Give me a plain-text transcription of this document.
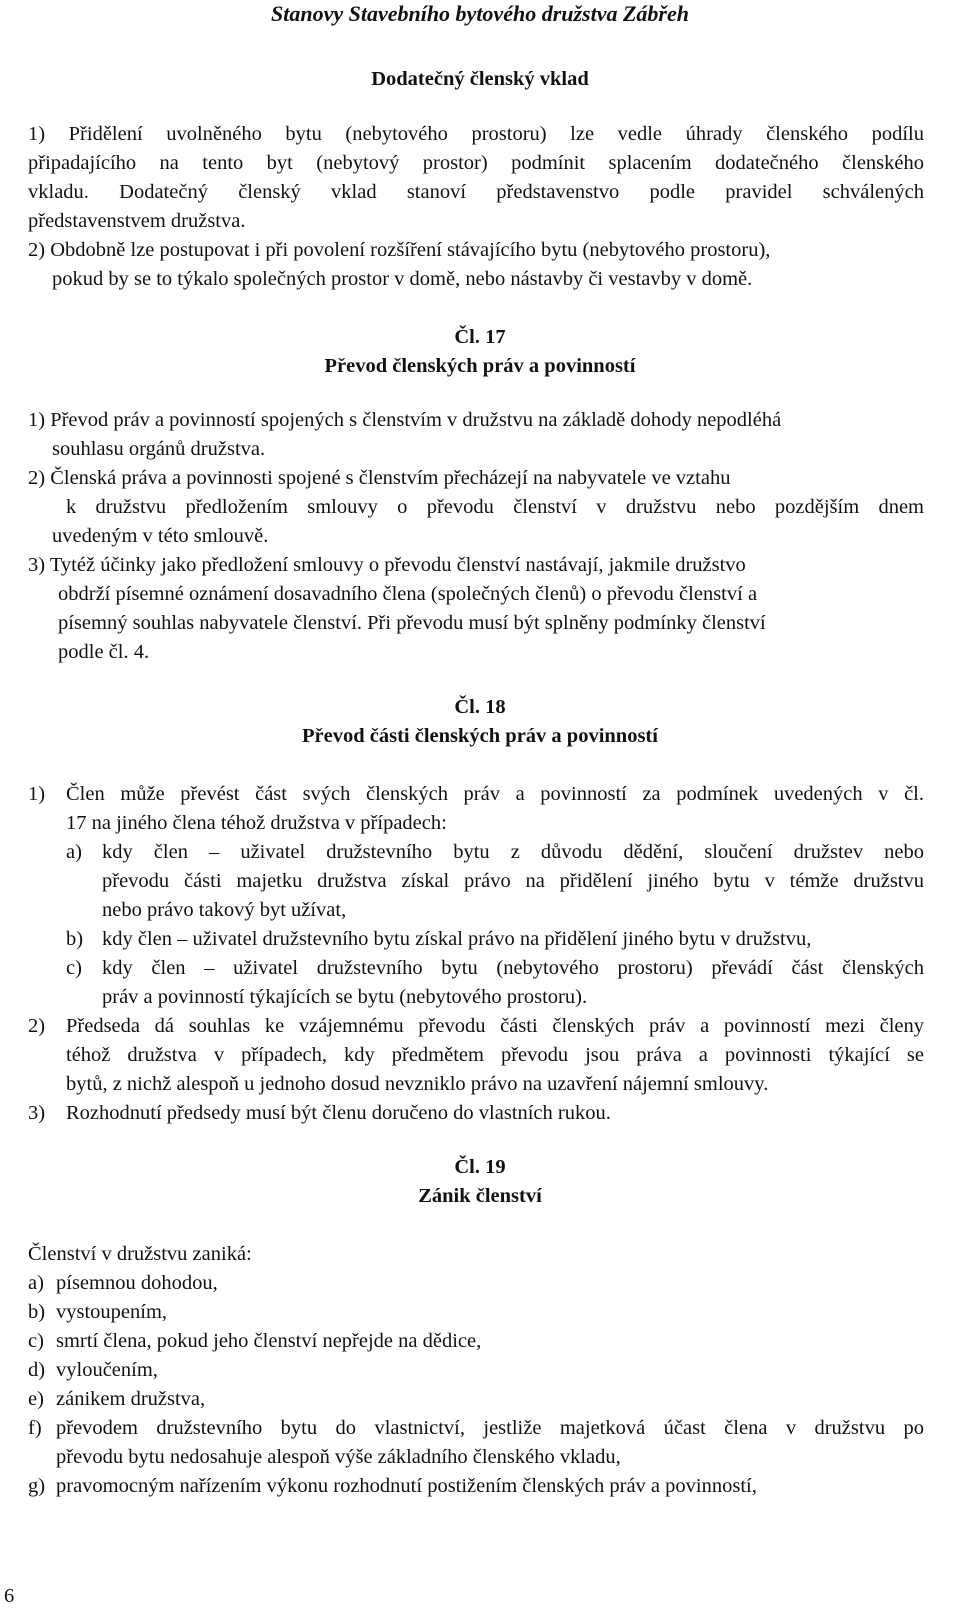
Stanovy Stavebního bytového družstva Zábřeh
Dodatečný členský vklad
1) Přidělení uvolněného bytu (nebytového prostoru) lze vedle úhrady členského podílu
připadajícího na tento byt (nebytový prostor) podmínit splacením dodatečného členského
vkladu. Dodatečný členský vklad stanoví představenstvo podle pravidel schválených
představenstvem družstva.
2) Obdobně lze postupovat i při povolení rozšíření stávajícího bytu (nebytového prostoru),
pokud by se to týkalo společných prostor v domě, nebo nástavby či vestavby v domě.
Čl. 17
Převod členských práv a povinností
1) Převod práv a povinností spojených s členstvím v družstvu na základě dohody nepodléhá
souhlasu orgánů družstva.
2) Členská práva a povinnosti spojené s členstvím přecházejí na nabyvatele ve vztahu
k družstvu předložením smlouvy o převodu členství v družstvu nebo pozdějším dnem
uvedeným v této smlouvě.
3) Tytéž účinky jako předložení smlouvy o převodu členství nastávají, jakmile družstvo
obdrží písemné oznámení dosavadního člena (společných členů) o převodu členství a
písemný souhlas nabyvatele členství. Při převodu musí být splněny podmínky členství
podle čl. 4.
Čl. 18
Převod části členských práv a povinností
1) Člen může převést část svých členských práv a povinností za podmínek uvedených v čl.
17 na jiného člena téhož družstva v případech:
a) kdy člen – uživatel družstevního bytu z důvodu dědění, sloučení družstev nebo
převodu části majetku družstva získal právo na přidělení jiného bytu v témže družstvu
nebo právo takový byt užívat,
b) kdy člen – uživatel družstevního bytu získal právo na přidělení jiného bytu v družstvu,
c) kdy člen – uživatel družstevního bytu (nebytového prostoru) převádí část členských
práv a povinností týkajících se bytu (nebytového prostoru).
2) Předseda dá souhlas ke vzájemnému převodu části členských práv a povinností mezi členy
téhož družstva v případech, kdy předmětem převodu jsou práva a povinnosti týkající se
bytů, z nichž alespoň u jednoho dosud nevzniklo právo na uzavření nájemní smlouvy.
3) Rozhodnutí předsedy musí být členu doručeno do vlastních rukou.
Čl. 19
Zánik členství
Členství v družstvu zaniká:
a) písemnou dohodou,
b) vystoupením,
c) smrtí člena, pokud jeho členství nepřejde na dědice,
d) vyloučením,
e) zánikem družstva,
f) převodem družstevního bytu do vlastnictví, jestliže majetková účast člena v družstvu po
převodu bytu nedosahuje alespoň výše základního členského vkladu,
g) pravomocným nařízením výkonu rozhodnutí postižením členských práv a povinností,
6
